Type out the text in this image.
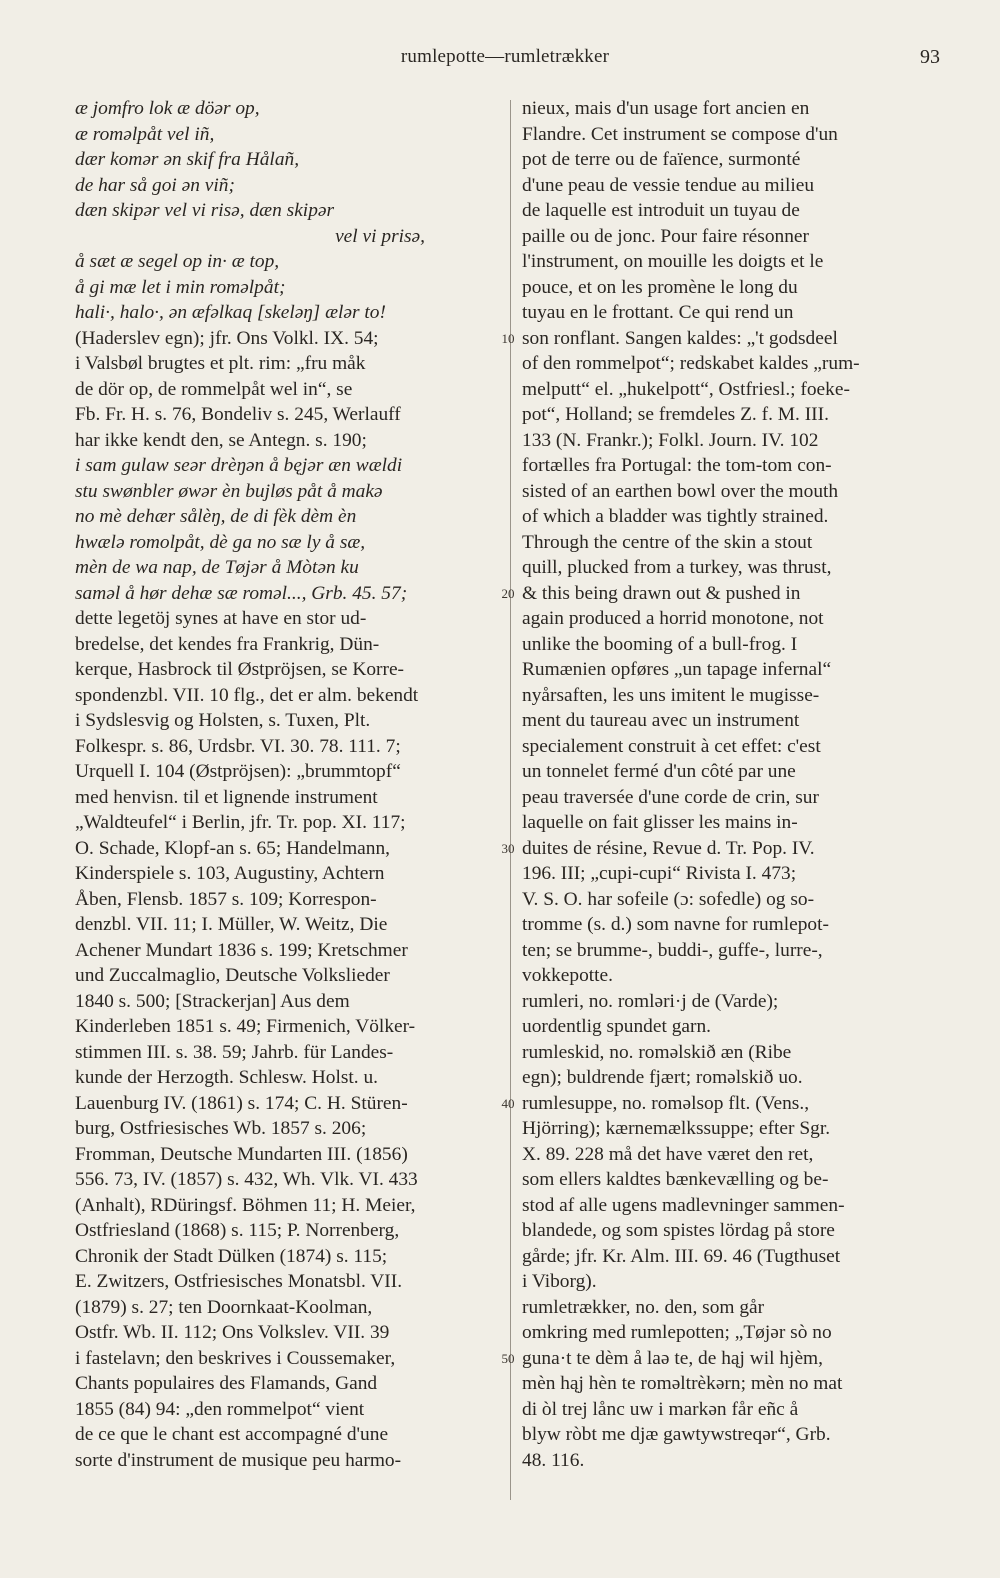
rumlepotte—rumletrækker	93
æ jomfro lok æ döər op,
æ roməlpåt vel iñ,
dær komər ən skif fra Hålañ,
de har så goi ən viñ;
dæn skipər vel vi risə, dæn skipər
vel vi prisə,
å sæt æ segel op in· æ top,
å gi mæ let i min roməlpåt;
hali·, halo·, ən æfəlkaq [skeləŋ] ælər to!
(Haderslev egn); jfr. Ons Volkl. IX. 54;
i Valsbøl brugtes et plt. rim: „fru måk
de dör op, de rommelpåt wel in“, se
Fb. Fr. H. s. 76, Bondeliv s. 245, Werlauff
har ikke kendt den, se Antegn. s. 190;
i sam gulaw seər drèŋən å bęjər æn wældi
stu swønbler øwər èn bujløs påt å makə
no mè dehær sålèŋ, de di fèk dèm èn
hwælə romolpåt, dè ga no sæ ly å sæ,
mèn de wa nap, de Tøjər å Mòtən ku
saməl å hør dehæ sæ roməl..., Grb. 45. 57;
dette legetöj synes at have en stor ud-
bredelse, det kendes fra Frankrig, Dün-
kerque, Hasbrock til Østpröjsen, se Korre-
spondenzbl. VII. 10 flg., det er alm. bekendt
i Sydslesvig og Holsten, s. Tuxen, Plt.
Folkespr. s. 86, Urdsbr. VI. 30. 78. 111. 7;
Urquell I. 104 (Østpröjsen): „brummtopf“
med henvisn. til et lignende instrument
„Waldteufel“ i Berlin, jfr. Tr. pop. XI. 117;
O. Schade, Klopf-an s. 65; Handelmann,
Kinderspiele s. 103, Augustiny, Achtern
Åben, Flensb. 1857 s. 109; Korrespon-
denzbl. VII. 11; I. Müller, W. Weitz, Die
Achener Mundart 1836 s. 199; Kretschmer
und Zuccalmaglio, Deutsche Volkslieder
1840 s. 500; [Strackerjan] Aus dem
Kinderleben 1851 s. 49; Firmenich, Völker-
stimmen III. s. 38. 59; Jahrb. für Landes-
kunde der Herzogth. Schlesw. Holst. u.
Lauenburg IV. (1861) s. 174; C. H. Stüren-
burg, Ostfriesisches Wb. 1857 s. 206;
Fromman, Deutsche Mundarten III. (1856)
556. 73, IV. (1857) s. 432, Wh. Vlk. VI. 433
(Anhalt), RDüringsf. Böhmen 11; H. Meier,
Ostfriesland (1868) s. 115; P. Norrenberg,
Chronik der Stadt Dülken (1874) s. 115;
E. Zwitzers, Ostfriesisches Monatsbl. VII.
(1879) s. 27; ten Doornkaat-Koolman,
Ostfr. Wb. II. 112; Ons Volkslev. VII. 39
i fastelavn; den beskrives i Coussemaker,
Chants populaires des Flamands, Gand
1855 (84) 94: „den rommelpot“ vient
de ce que le chant est accompagné d'une
sorte d'instrument de musique peu harmo-
nieux, mais d'un usage fort ancien en
Flandre. Cet instrument se compose d'un
pot de terre ou de faïence, surmonté
d'une peau de vessie tendue au milieu
de laquelle est introduit un tuyau de
paille ou de jonc. Pour faire résonner
l'instrument, on mouille les doigts et le
pouce, et on les promène le long du
tuyau en le frottant. Ce qui rend un
son ronflant. Sangen kaldes: „'t godsdeel
of den rommelpot“; redskabet kaldes „rum-
melputt“ el. „hukelpott“, Ostfriesl.; foeke-
pot“, Holland; se fremdeles Z. f. M. III.
133 (N. Frankr.); Folkl. Journ. IV. 102
fortælles fra Portugal: the tom-tom con-
sisted of an earthen bowl over the mouth
of which a bladder was tightly strained.
Through the centre of the skin a stout
quill, plucked from a turkey, was thrust,
& this being drawn out & pushed in
again produced a horrid monotone, not
unlike the booming of a bull-frog. I
Rumænien opføres „un tapage infernal“
nyårsaften, les uns imitent le mugisse-
ment du taureau avec un instrument
specialement construit à cet effet: c'est
un tonnelet fermé d'un côté par une
peau traversée d'une corde de crin, sur
laquelle on fait glisser les mains in-
duites de résine, Revue d. Tr. Pop. IV.
196. III; „cupi-cupi“ Rivista I. 473;
V. S. O. har sofeile (ɔ: sofedle) og so-
tromme (s. d.) som navne for rumlepot-
ten; se brumme-, buddi-, guffe-, lurre-,
vokkepotte.
rumleri, no. romləri·j de (Varde);
uordentlig spundet garn.
rumleskid, no. roməlskið æn (Ribe
egn); buldrende fjært; roməlskið uo.
rumlesuppe, no. roməlsop flt. (Vens.,
Hjörring); kærnemælkssuppe; efter Sgr.
X. 89. 228 må det have været den ret,
som ellers kaldtes bænkevælling og be-
stod af alle ugens madlevninger sammen-
blandede, og som spistes lördag på store
gårde; jfr. Kr. Alm. III. 69. 46 (Tugthuset
i Viborg).
rumletrækker, no. den, som går
omkring med rumlepotten; „Tøjər sò no
guna·t te dèm å laə te, de hąj wil hjèm,
mèn hąj hèn te romәltrèkərn; mèn no mat
di òl trej lånc uw i markən får eñc å
blyw ròbt me djæ gawtywstreqər“, Grb.
48. 116.
10
20
30
40
50
